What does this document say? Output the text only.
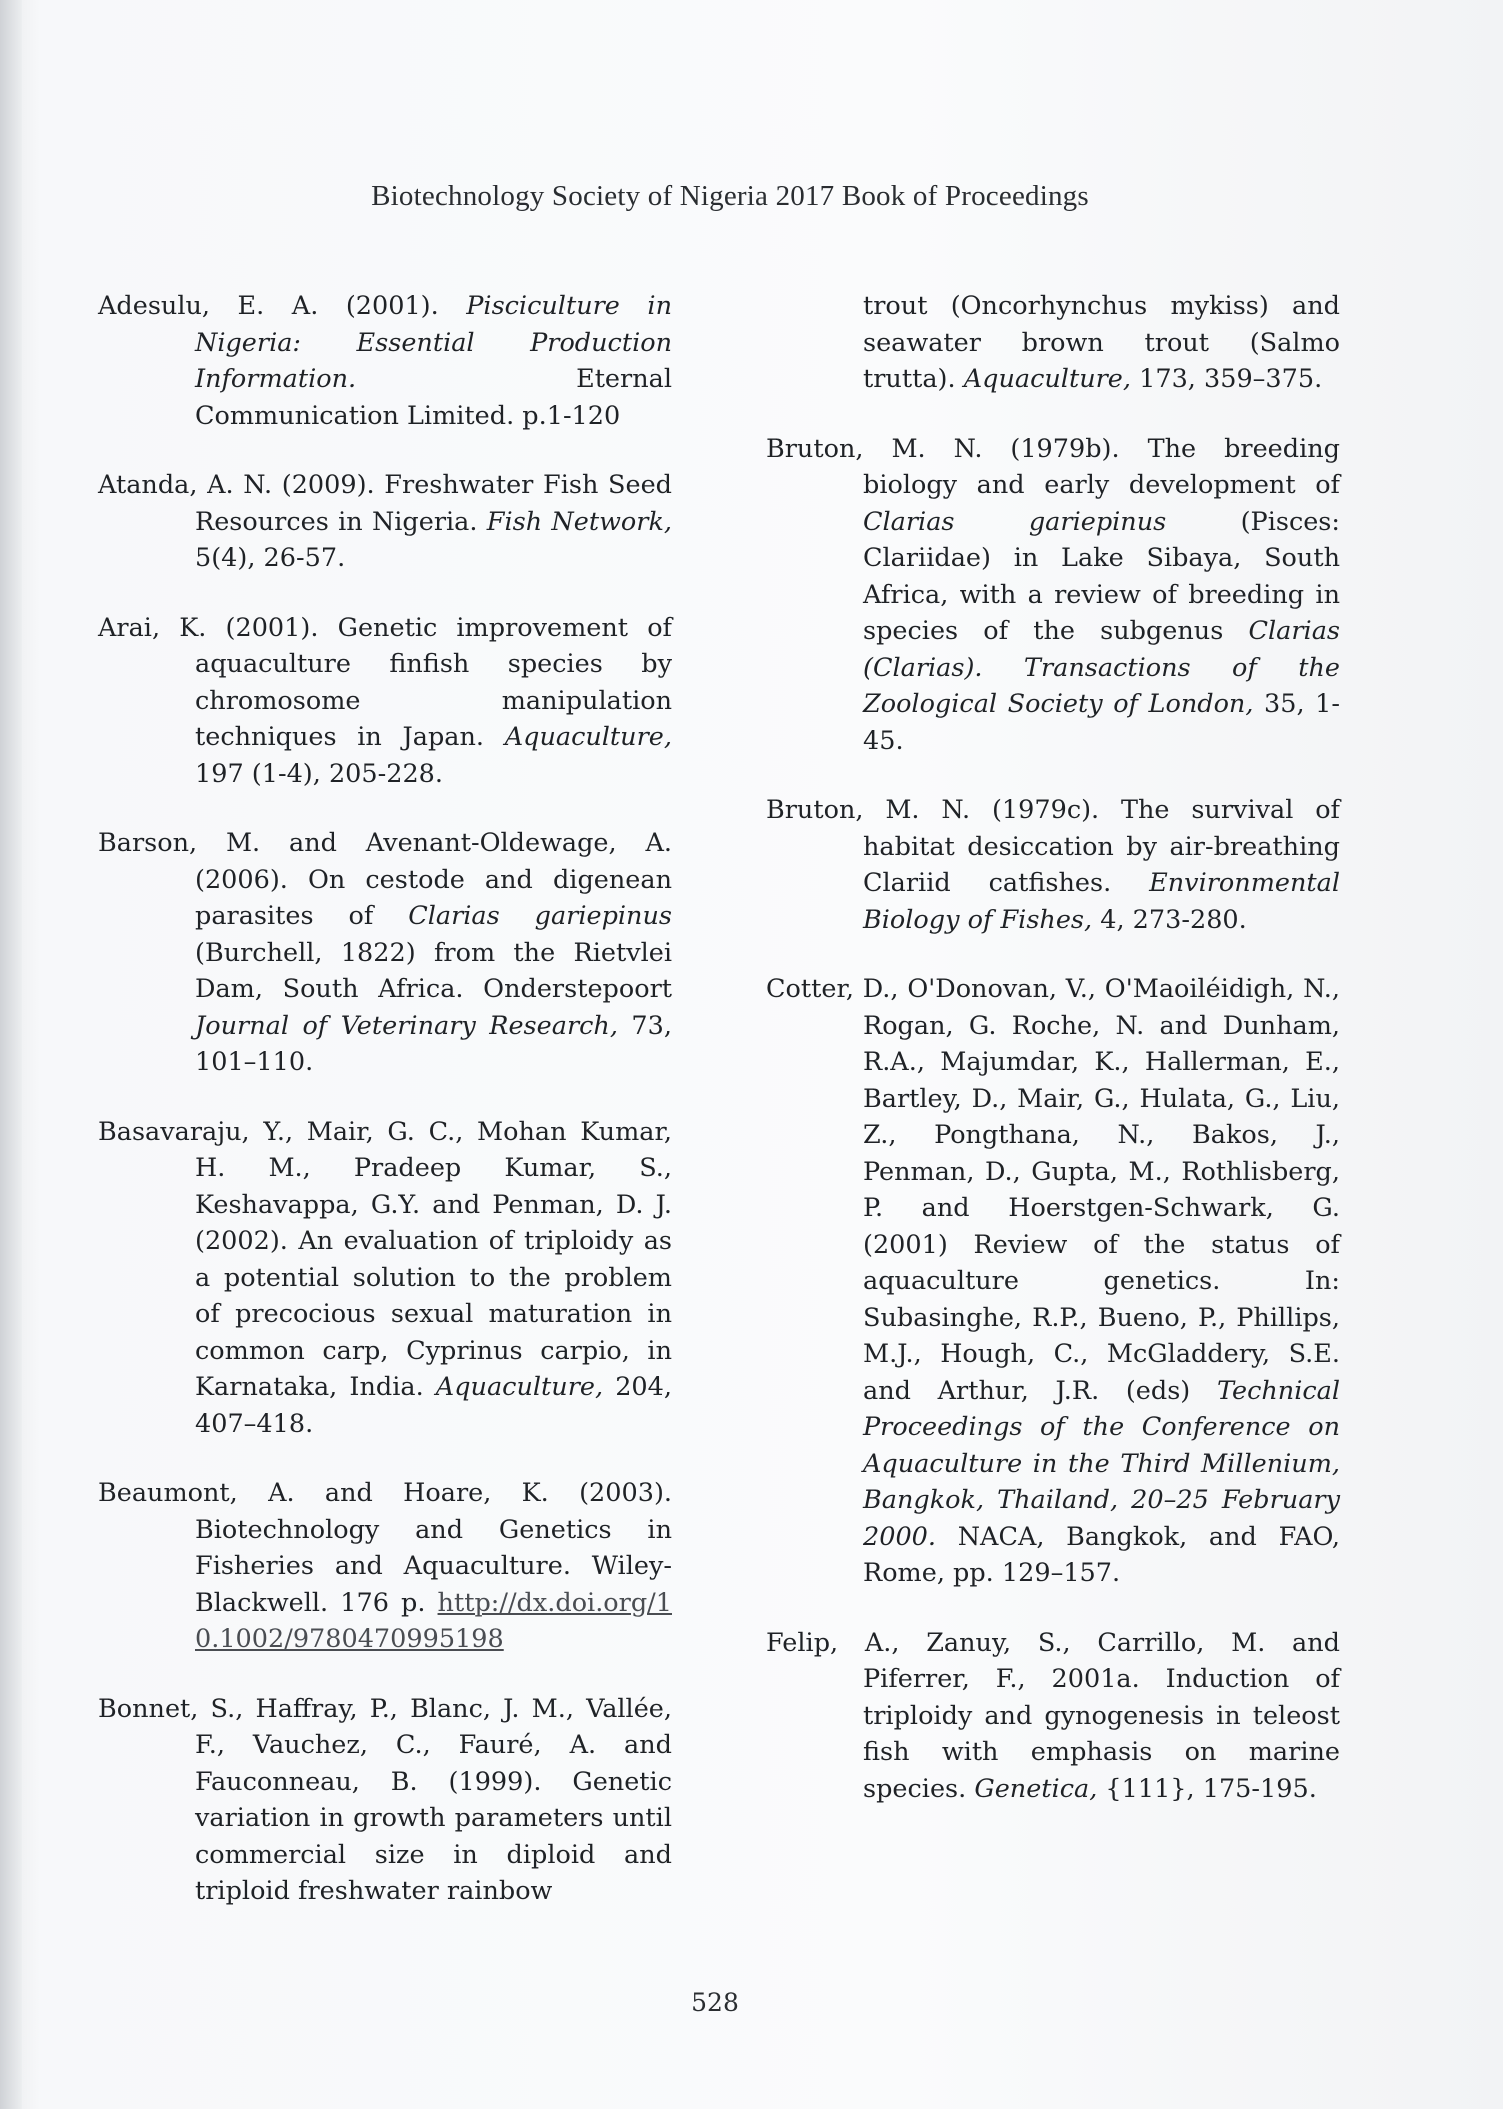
Biotechnology Society of Nigeria 2017 Book of Proceedings

Adesulu, E. A. (2001). Pisciculture in Nigeria: Essential Production Information. Eternal Communication Limited. p.1-120

Atanda, A. N. (2009). Freshwater Fish Seed Resources in Nigeria. Fish Network, 5(4), 26-57.

Arai, K. (2001). Genetic improvement of aquaculture finfish species by chromosome manipulation techniques in Japan. Aquaculture, 197 (1-4), 205-228.

Barson, M. and Avenant-Oldewage, A. (2006). On cestode and digenean parasites of Clarias gariepinus (Burchell, 1822) from the Rietvlei Dam, South Africa. Onderstepoort Journal of Veterinary Research, 73, 101–110.

Basavaraju, Y., Mair, G. C., Mohan Kumar, H. M., Pradeep Kumar, S., Keshavappa, G.Y. and Penman, D. J. (2002). An evaluation of triploidy as a potential solution to the problem of precocious sexual maturation in common carp, Cyprinus carpio, in Karnataka, India. Aquaculture, 204, 407–418.

Beaumont, A. and Hoare, K. (2003). Biotechnology and Genetics in Fisheries and Aquaculture. Wiley-Blackwell. 176 p. http://dx.doi.org/10.1002/9780470995198

Bonnet, S., Haffray, P., Blanc, J. M., Vallée, F., Vauchez, C., Fauré, A. and Fauconneau, B. (1999). Genetic variation in growth parameters until commercial size in diploid and triploid freshwater rainbow

trout (Oncorhynchus mykiss) and seawater brown trout (Salmo trutta). Aquaculture, 173, 359–375.

Bruton, M. N. (1979b). The breeding biology and early development of Clarias gariepinus (Pisces: Clariidae) in Lake Sibaya, South Africa, with a review of breeding in species of the subgenus Clarias (Clarias). Transactions of the Zoological Society of London, 35, 1-45.

Bruton, M. N. (1979c). The survival of habitat desiccation by air-breathing Clariid catfishes. Environmental Biology of Fishes, 4, 273-280.

Cotter, D., O'Donovan, V., O'Maoiléidigh, N., Rogan, G. Roche, N. and Dunham, R.A., Majumdar, K., Hallerman, E., Bartley, D., Mair, G., Hulata, G., Liu, Z., Pongthana, N., Bakos, J., Penman, D., Gupta, M., Rothlisberg, P. and Hoerstgen-Schwark, G. (2001) Review of the status of aquaculture genetics. In: Subasinghe, R.P., Bueno, P., Phillips, M.J., Hough, C., McGladdery, S.E. and Arthur, J.R. (eds) Technical Proceedings of the Conference on Aquaculture in the Third Millenium, Bangkok, Thailand, 20–25 February 2000. NACA, Bangkok, and FAO, Rome, pp. 129–157.

Felip, A., Zanuy, S., Carrillo, M. and Piferrer, F., 2001a. Induction of triploidy and gynogenesis in teleost fish with emphasis on marine species. Genetica, {111}, 175-195.

528
